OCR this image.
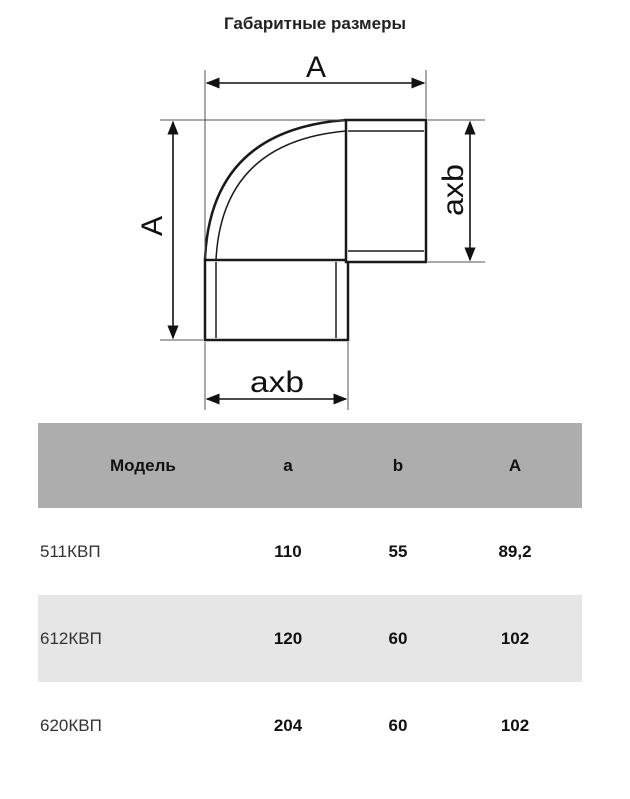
Габаритные размеры
A
A
axb
axb
Модель	a	b	A
511КВП	110	55	89,2
612КВП	120	60	102
620КВП	204	60	102
